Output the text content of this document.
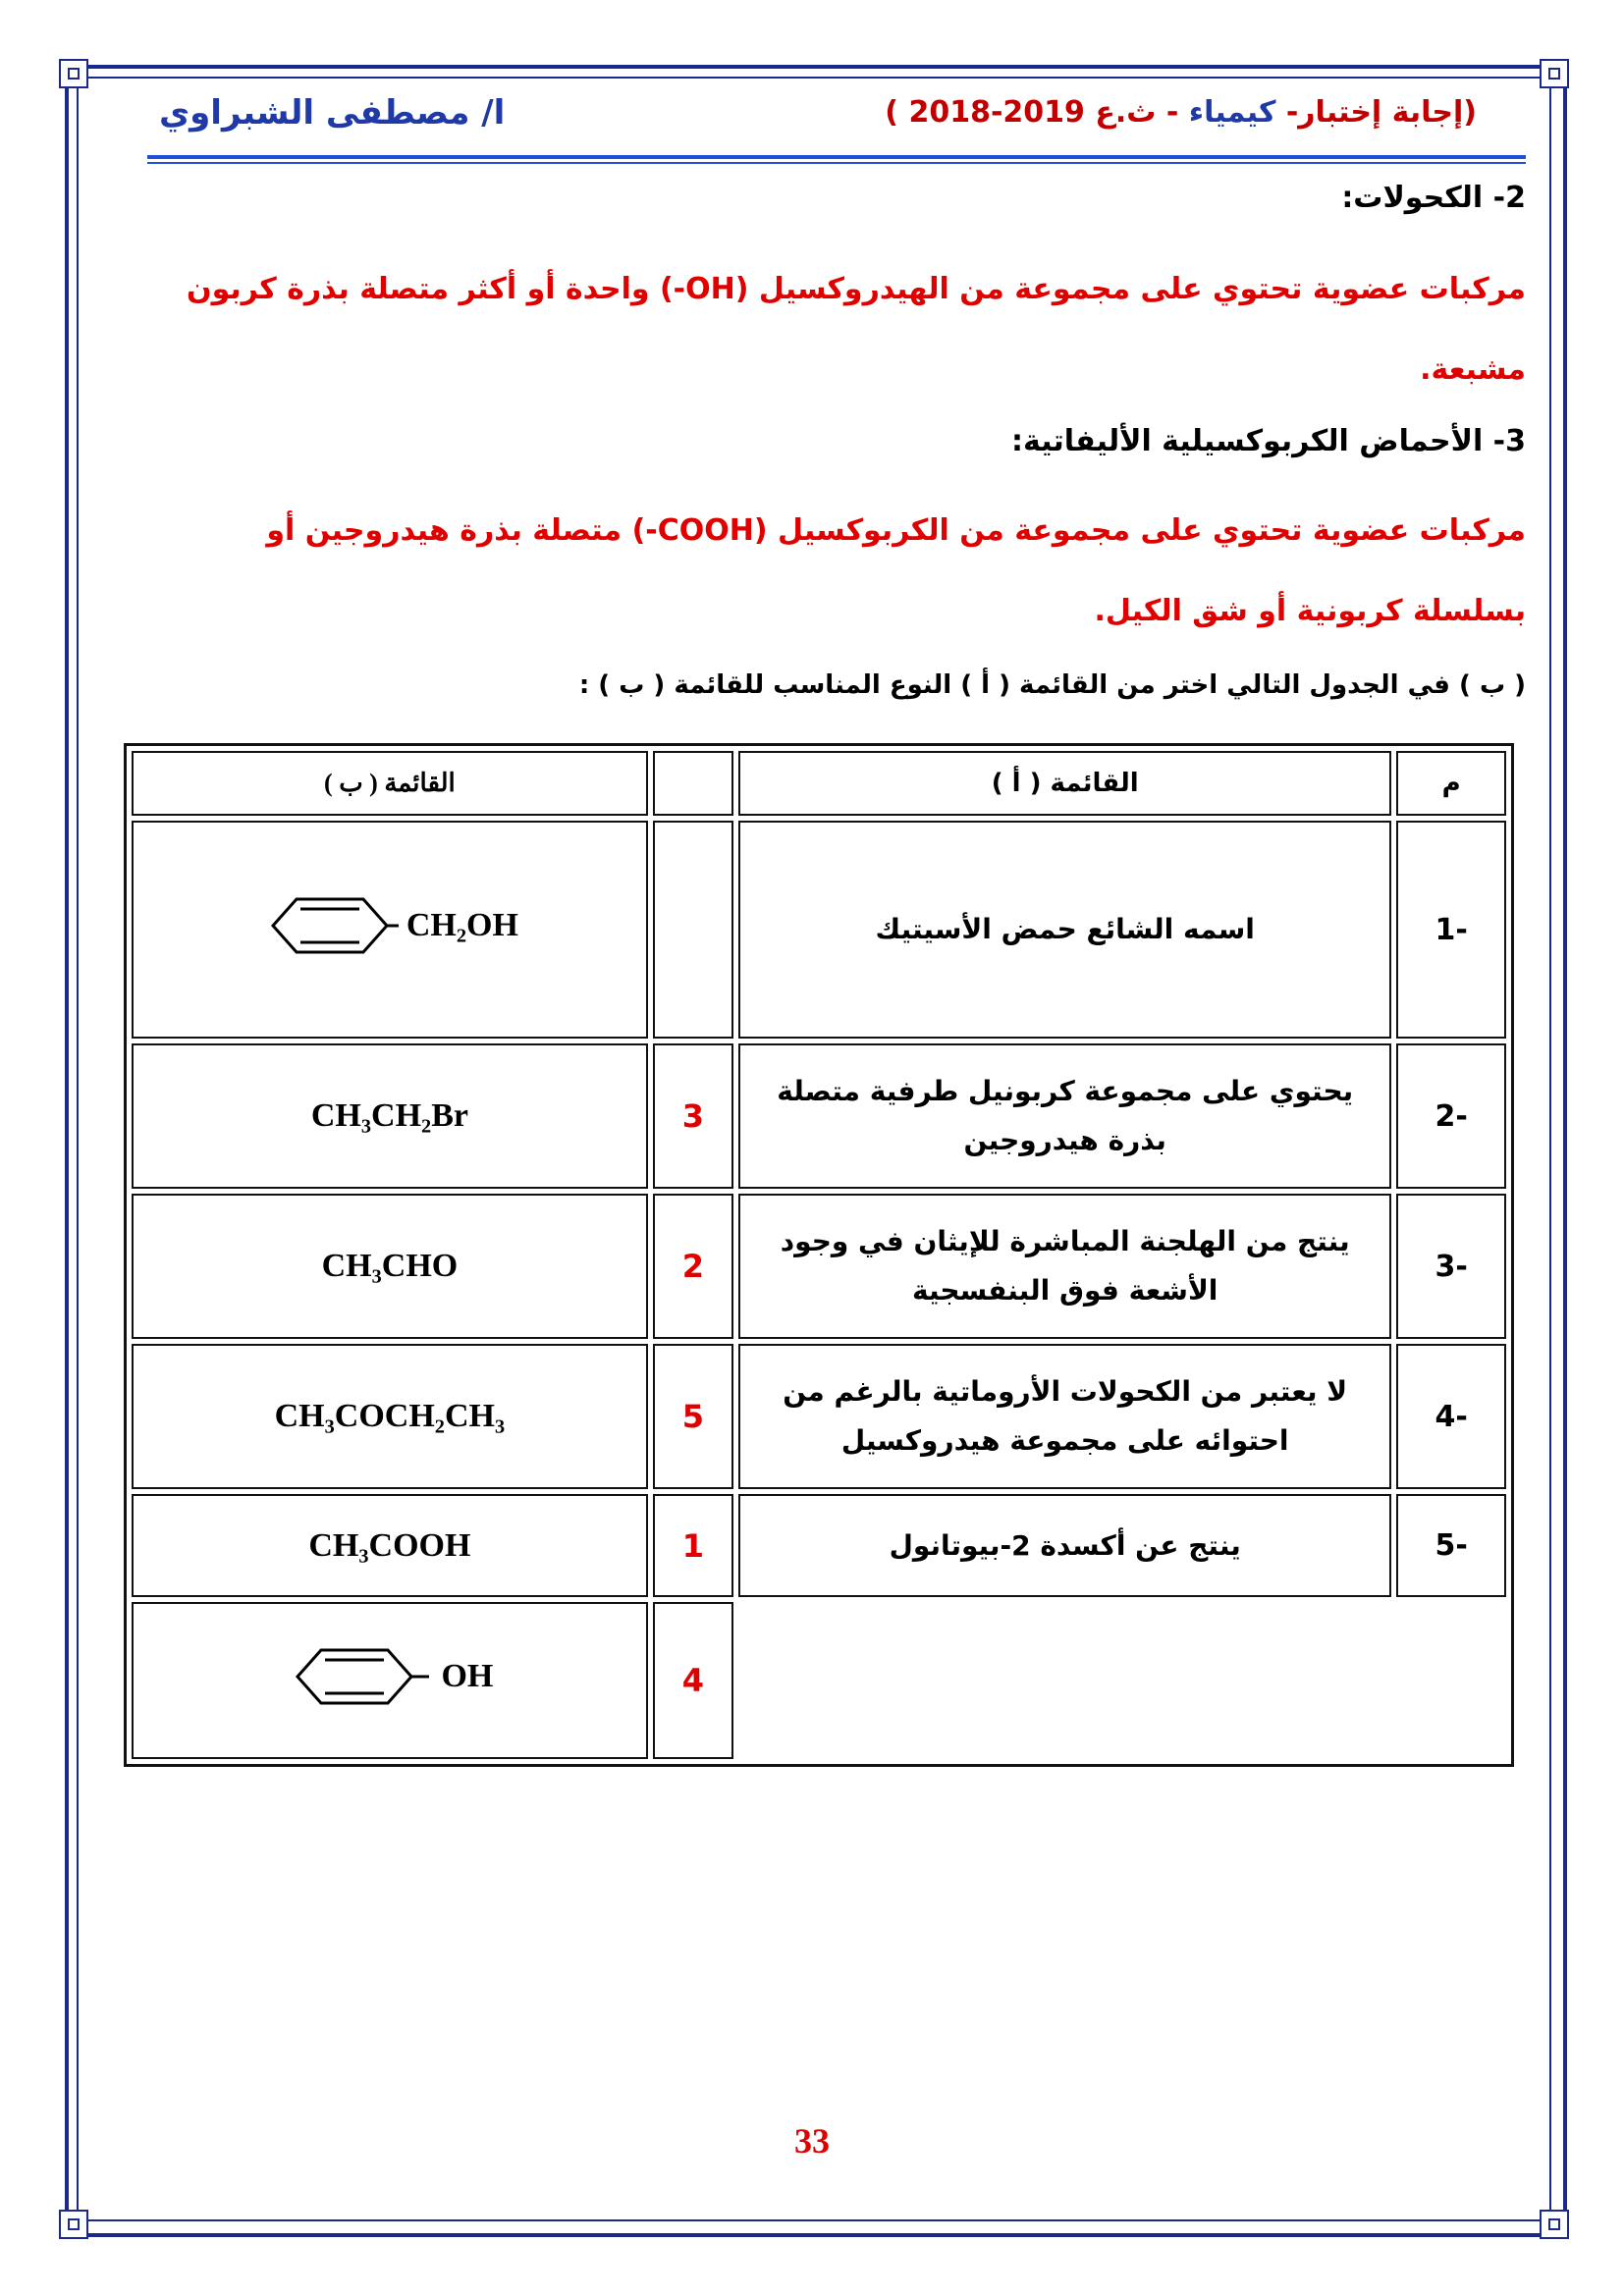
ا/ مصطفى الشبراوي	(إجابة إختبار- كيمياء - ث.ع 2019-2018 )
2- الكحولات:
مركبات عضوية تحتوي على مجموعة من الهيدروكسيل (OH-) واحدة أو أكثر متصلة بذرة كربون مشبعة.
3- الأحماض الكربوكسيلية الأليفاتية:
مركبات عضوية تحتوي على مجموعة من الكربوكسيل (COOH-) متصلة بذرة هيدروجين أو بسلسلة كربونية أو شق الكيل.
( ب ) في الجدول التالي اختر من القائمة ( أ ) النوع المناسب للقائمة ( ب ) :
م	القائمة ( أ )		القائمة ( ب )
-1	اسمه الشائع حمض الأسيتيك		CH₂OH

-2	يحتوي على مجموعة كربونيل طرفية متصلة بذرة هيدروجين	3	CH₃CH₂Br
-3	ينتج من الهلجنة المباشرة للإيثان في وجود الأشعة فوق البنفسجية	2	CH₃CHO
-4	لا يعتبر من الكحولات الأروماتية بالرغم من احتوائه على مجموعة هيدروكسيل	5	CH₃COCH₂CH₃
-5	ينتج عن أكسدة 2-بيوتانول	1	CH₃COOH
		4	OH
33
